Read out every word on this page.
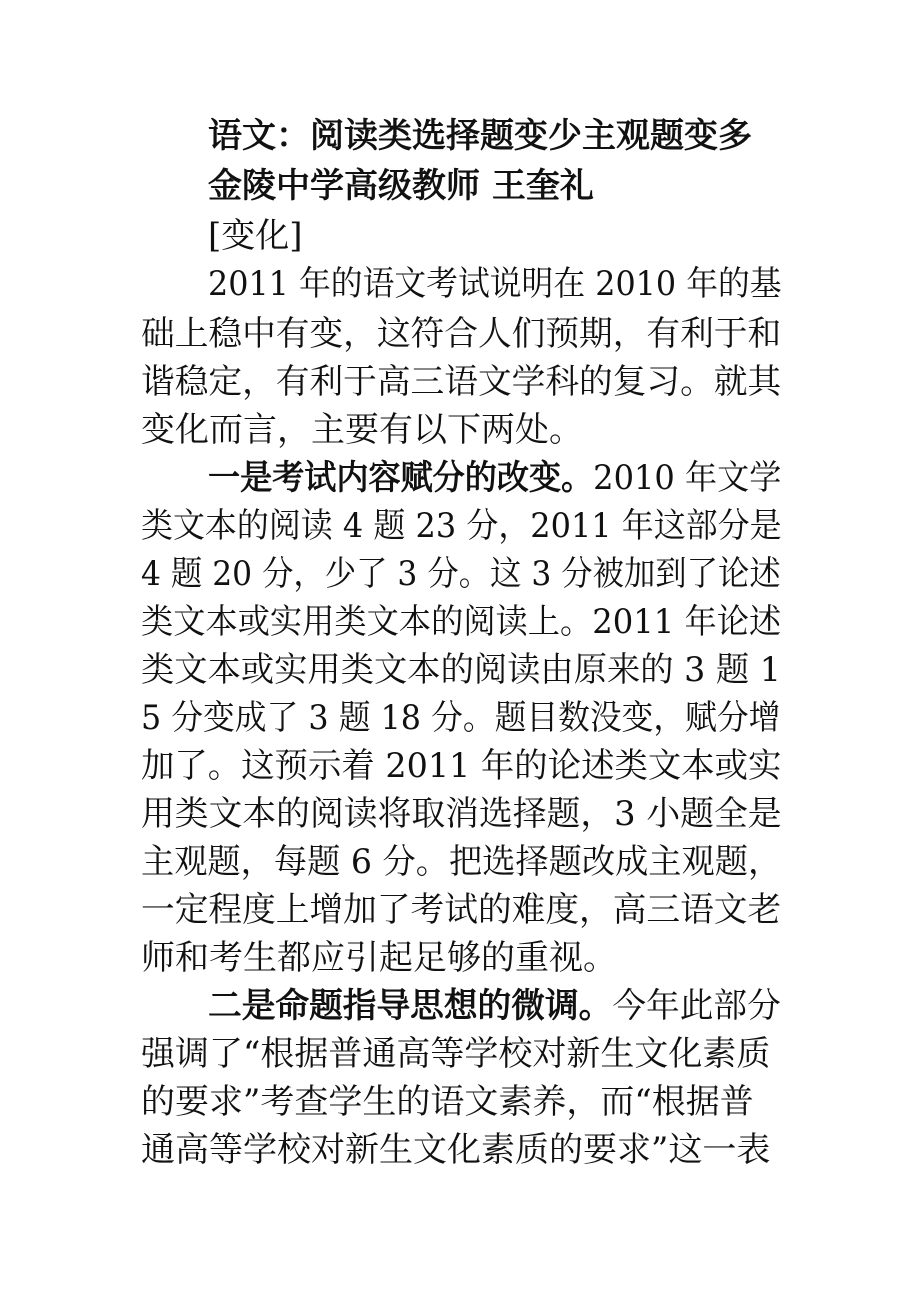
语文：阅读类选择题变少主观题变多
金陵中学高级教师 王奎礼
[变化]
2011 年的语文考试说明在 2010 年的基
础上稳中有变，这符合人们预期，有利于和
谐稳定，有利于高三语文学科的复习。就其
变化而言，主要有以下两处。
一是考试内容赋分的改变。2010 年文学
类文本的阅读 4 题 23 分，2011 年这部分是
4 题 20 分，少了 3 分。这 3 分被加到了论述
类文本或实用类文本的阅读上。2011 年论述
类文本或实用类文本的阅读由原来的 3 题 1
5 分变成了 3 题 18 分。题目数没变，赋分增
加了。这预示着 2011 年的论述类文本或实
用类文本的阅读将取消选择题，3 小题全是
主观题，每题 6 分。把选择题改成主观题，
一定程度上增加了考试的难度，高三语文老
师和考生都应引起足够的重视。
二是命题指导思想的微调。今年此部分
强调了“根据普通高等学校对新生文化素质
的要求”考查学生的语文素养，而“根据普
通高等学校对新生文化素质的要求”这一表
